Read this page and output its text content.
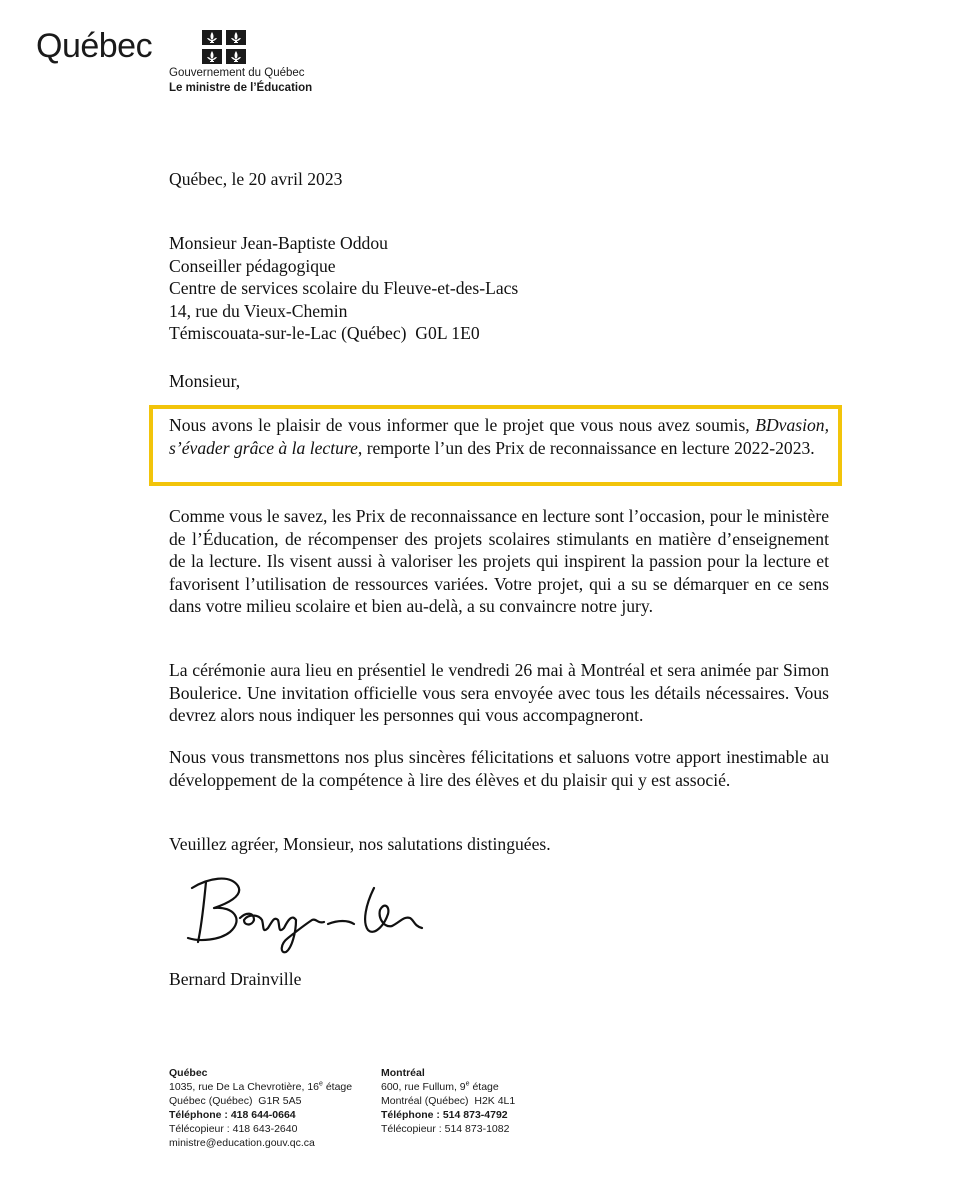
Québec
Gouvernement du Québec
Le ministre de l’Éducation
Québec, le 20 avril 2023
Monsieur Jean-Baptiste Oddou
Conseiller pédagogique
Centre de services scolaire du Fleuve-et-des-Lacs
14, rue du Vieux-Chemin
Témiscouata-sur-le-Lac (Québec)  G0L 1E0
Monsieur,
Nous avons le plaisir de vous informer que le projet que vous nous avez soumis, BDvasion, s’évader grâce à la lecture, remporte l’un des Prix de reconnaissance en lecture 2022-2023.
Comme vous le savez, les Prix de reconnaissance en lecture sont l’occasion, pour le ministère de l’Éducation, de récompenser des projets scolaires stimulants en matière d’enseignement de la lecture. Ils visent aussi à valoriser les projets qui inspirent la passion pour la lecture et favorisent l’utilisation de ressources variées. Votre projet, qui a su se démarquer en ce sens dans votre milieu scolaire et bien au-delà, a su convaincre notre jury.
La cérémonie aura lieu en présentiel le vendredi 26 mai à Montréal et sera animée par Simon Boulerice. Une invitation officielle vous sera envoyée avec tous les détails nécessaires. Vous devrez alors nous indiquer les personnes qui vous accompagneront.
Nous vous transmettons nos plus sincères félicitations et saluons votre apport inestimable au développement de la compétence à lire des élèves et du plaisir qui y est associé.
Veuillez agréer, Monsieur, nos salutations distinguées.
Bernard Drainville
Québec
1035, rue De La Chevrotière, 16e étage
Québec (Québec)  G1R 5A5
Téléphone : 418 644-0664
Télécopieur : 418 643-2640
ministre@education.gouv.qc.ca
Montréal
600, rue Fullum, 9e étage
Montréal (Québec)  H2K 4L1
Téléphone : 514 873-4792
Télécopieur : 514 873-1082
